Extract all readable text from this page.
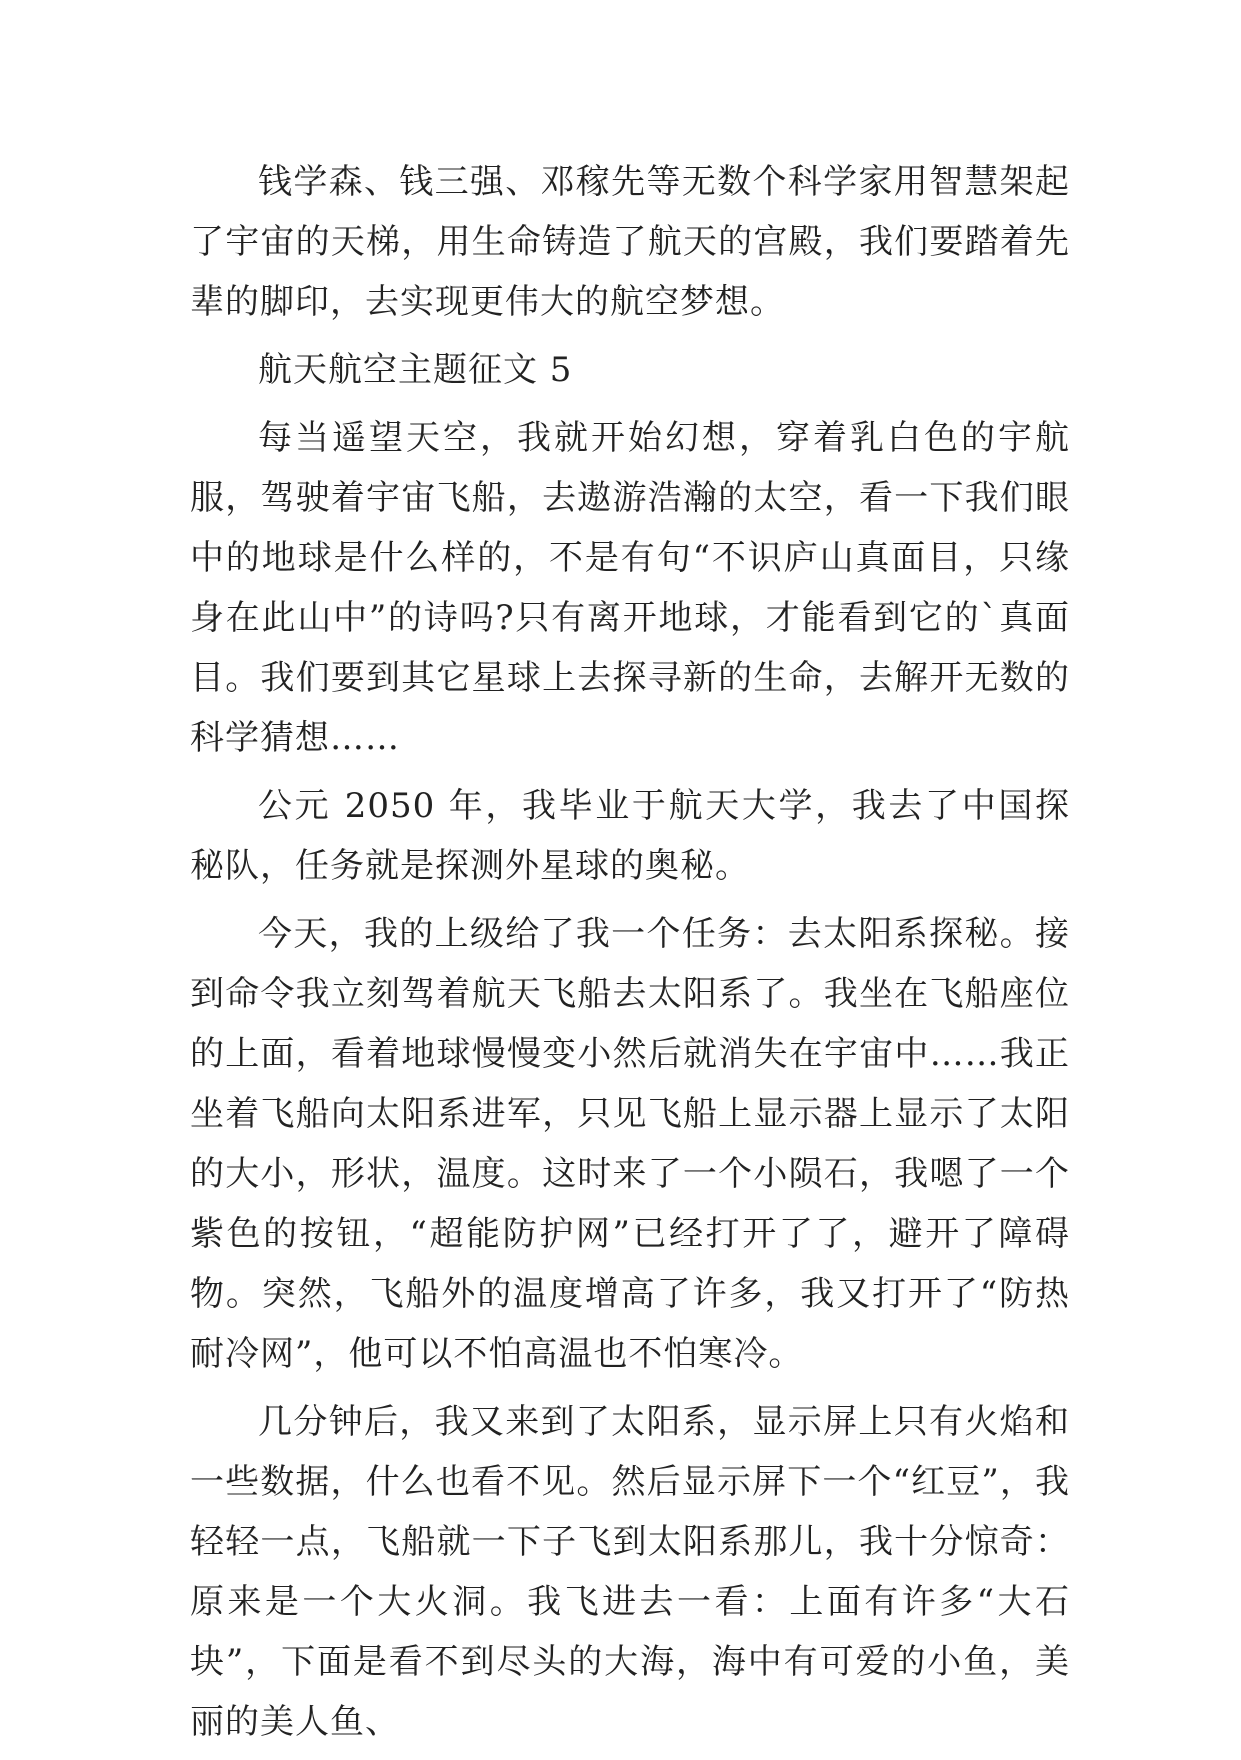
钱学森、钱三强、邓稼先等无数个科学家用智慧架起了宇宙的天梯，用生命铸造了航天的宫殿，我们要踏着先辈的脚印，去实现更伟大的航空梦想。

航天航空主题征文 5

每当遥望天空，我就开始幻想，穿着乳白色的宇航服，驾驶着宇宙飞船，去遨游浩瀚的太空，看一下我们眼中的地球是什么样的，不是有句“不识庐山真面目，只缘身在此山中”的诗吗?只有离开地球，才能看到它的`真面目。我们要到其它星球上去探寻新的生命，去解开无数的科学猜想……

公元 2050 年，我毕业于航天大学，我去了中国探秘队，任务就是探测外星球的奥秘。

今天，我的上级给了我一个任务：去太阳系探秘。接到命令我立刻驾着航天飞船去太阳系了。我坐在飞船座位的上面，看着地球慢慢变小然后就消失在宇宙中……我正坐着飞船向太阳系进军，只见飞船上显示器上显示了太阳的大小，形状，温度。这时来了一个小陨石，我嗯了一个紫色的按钮，“超能防护网”已经打开了了，避开了障碍物。突然，飞船外的温度增高了许多，我又打开了“防热耐冷网”，他可以不怕高温也不怕寒冷。

几分钟后，我又来到了太阳系，显示屏上只有火焰和一些数据，什么也看不见。然后显示屏下一个“红豆”，我轻轻一点，飞船就一下子飞到太阳系那儿，我十分惊奇：原来是一个大火洞。我飞进去一看：上面有许多“大石块”，下面是看不到尽头的大海，海中有可爱的小鱼，美丽的美人鱼、
